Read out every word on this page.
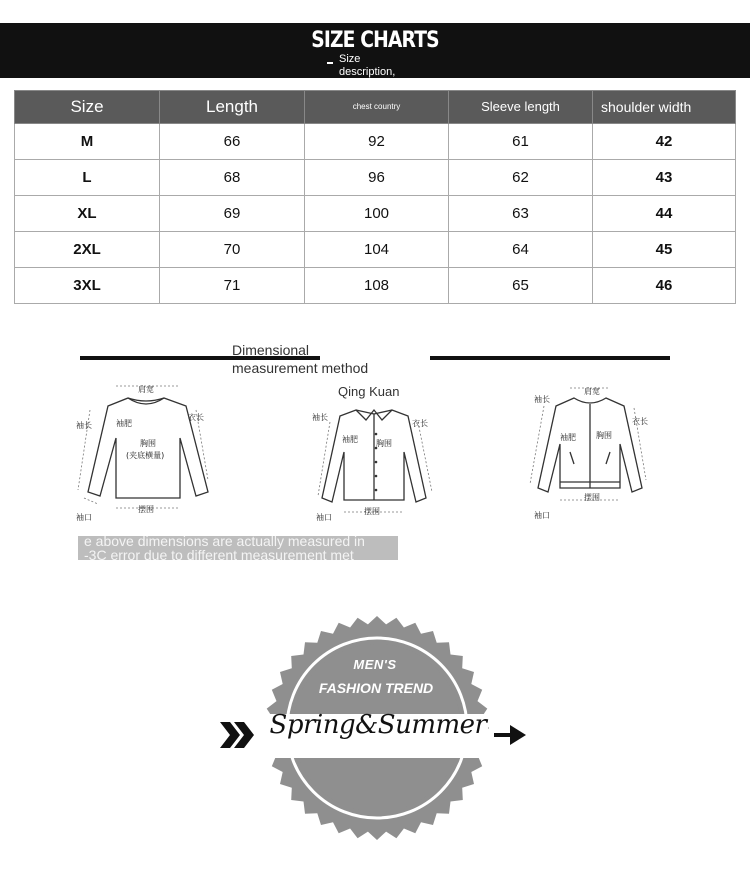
SIZE CHARTS
Size
description,
Size	Length	chest country	Sleeve length	shoulder width
M	66	92	61	42
L	68	96	62	43
XL	69	100	63	44
2XL	70	104	64	45
3XL	71	108	65	46
Dimensional
measurement method
Qing Kuan
肩宽
袖长	袖肥
胸围
(夹底横量)
衣长
摆围
袖口
袖长
袖肥 胸围
衣长
摆围
袖口
袖长
肩宽
袖肥	胸围
衣长
摆围
袖口
e above dimensions are actually measured in
-3C error due to different measurement met
MEN'S
FASHION TREND
Spring&Summer
